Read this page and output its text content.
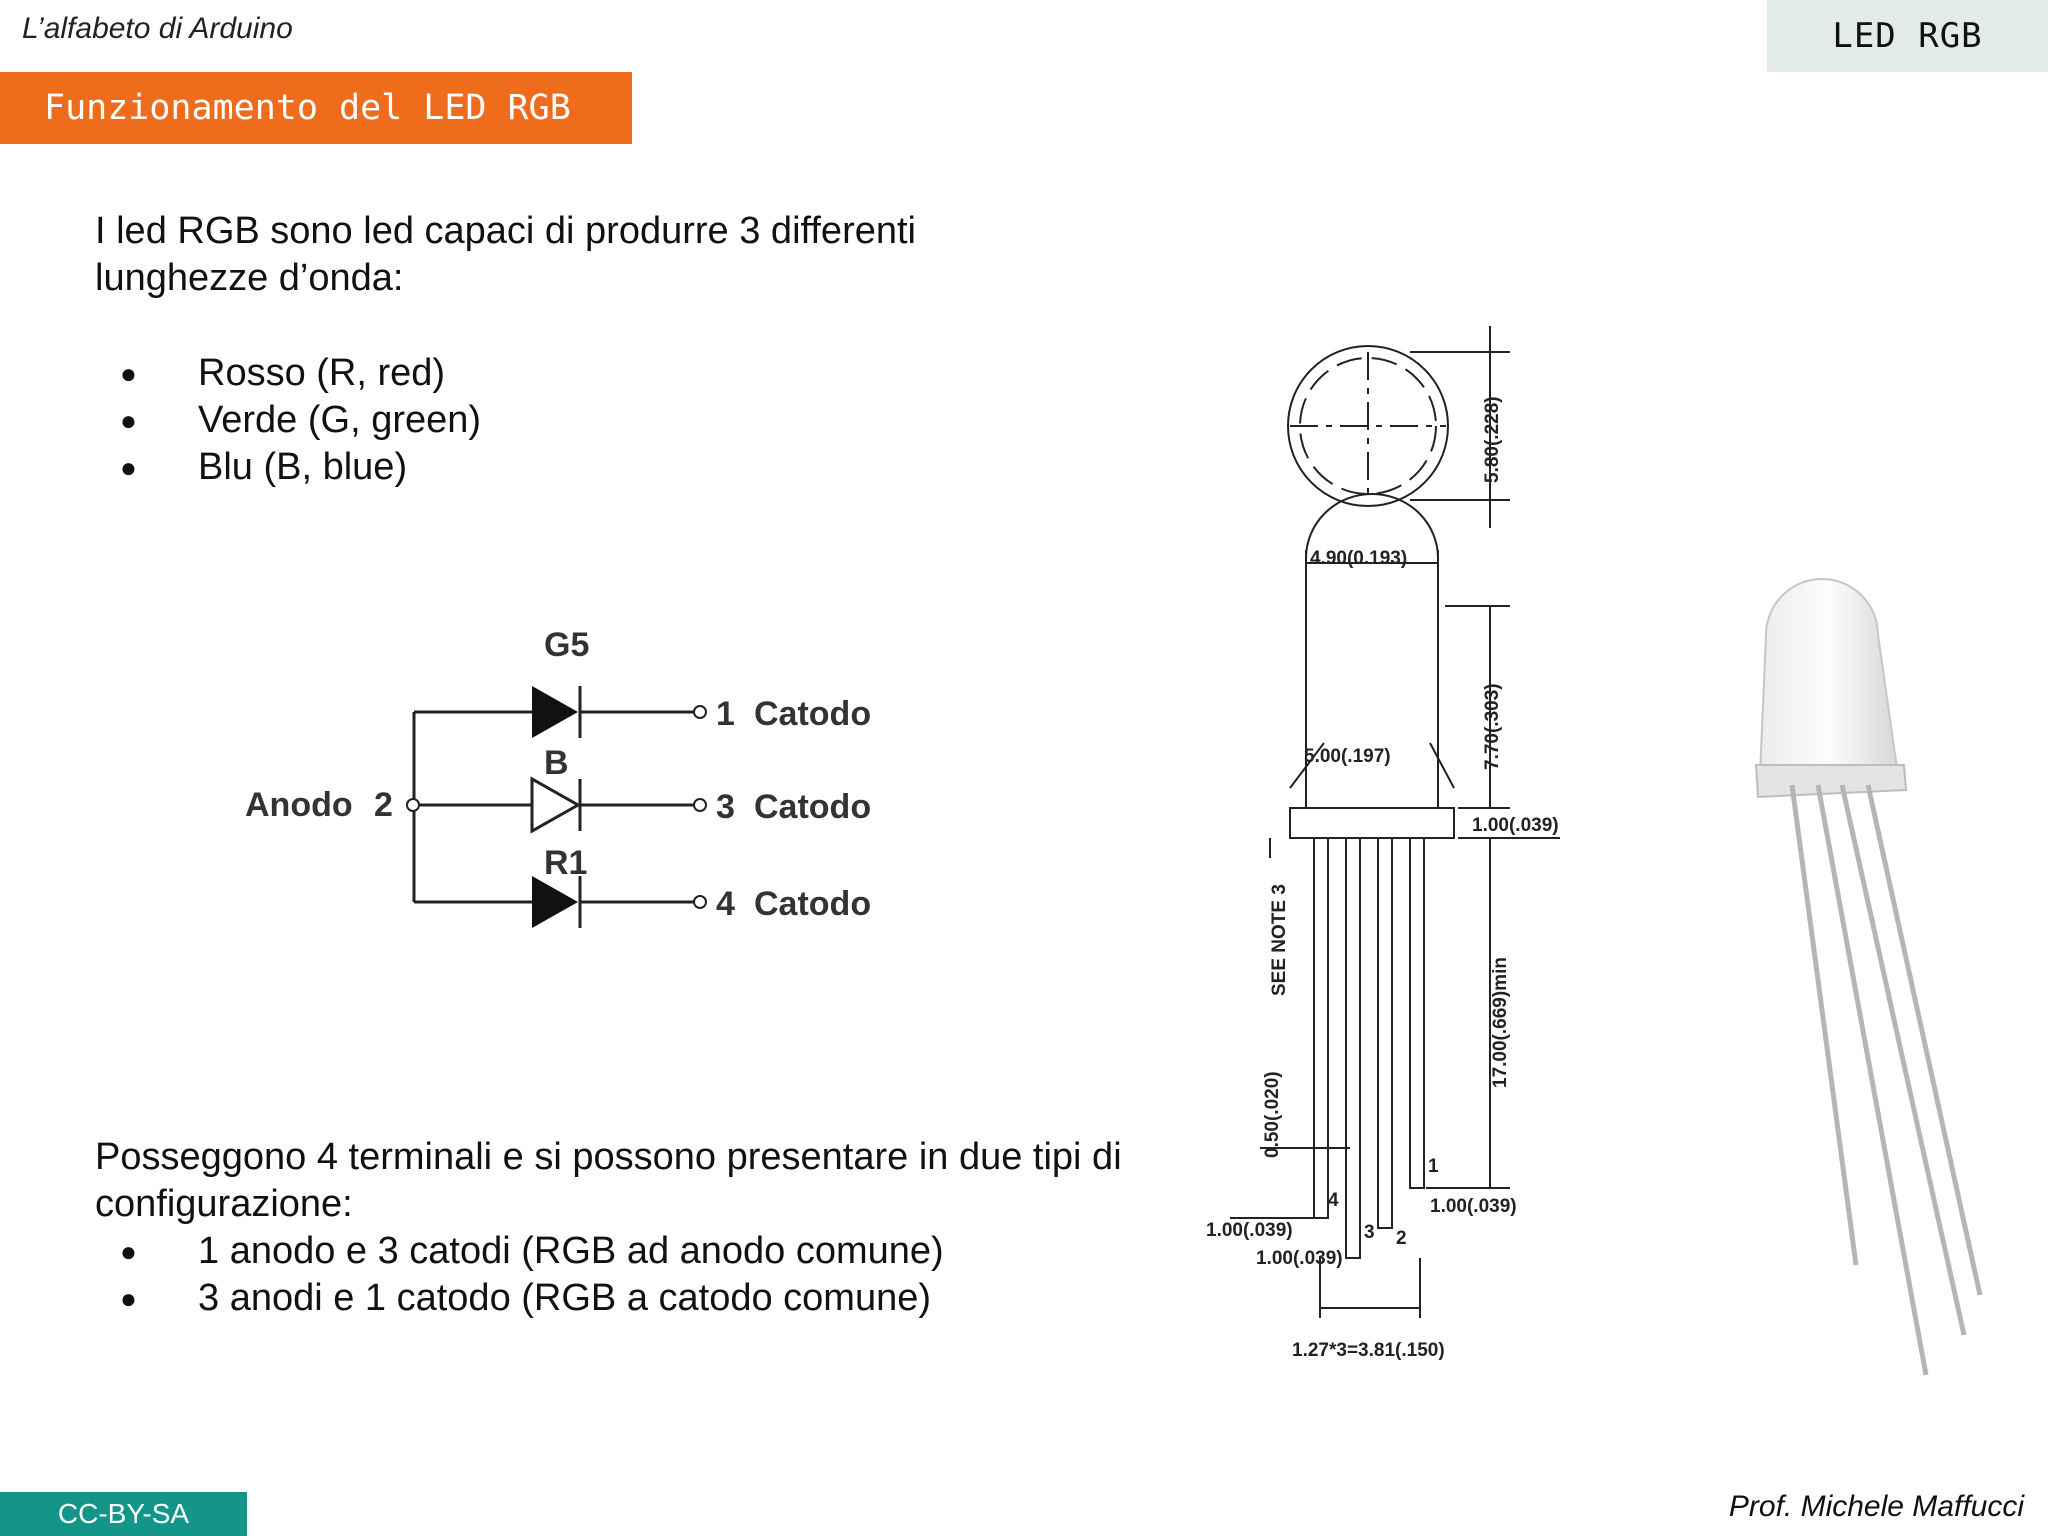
L’alfabeto di Arduino	LED RGB
Funzionamento del LED RGB
I led RGB sono led capaci di produrre 3 differenti lunghezze d’onda:
● Rosso (R, red)
● Verde (G, green)
● Blu (B, blue)
Anodo 2
G5
B
R1
1 Catodo
3 Catodo
4 Catodo
5.80(.228)
4.90(0.193)
7.70(.303)
5.00(.197)
1.00(.039)
SEE NOTE 3
17.00(.669)min
0.50(.020)
1.00(.039)
1.00(.039)
1.00(.039)
1.27*3=3.81(.150)
4
3 2
1
Posseggono 4 terminali e si possono presentare in due tipi di configurazione:
● 1 anodo e 3 catodi (RGB ad anodo comune)
● 3 anodi e 1 catodo (RGB a catodo comune)
CC-BY-SA	Prof. Michele Maffucci
